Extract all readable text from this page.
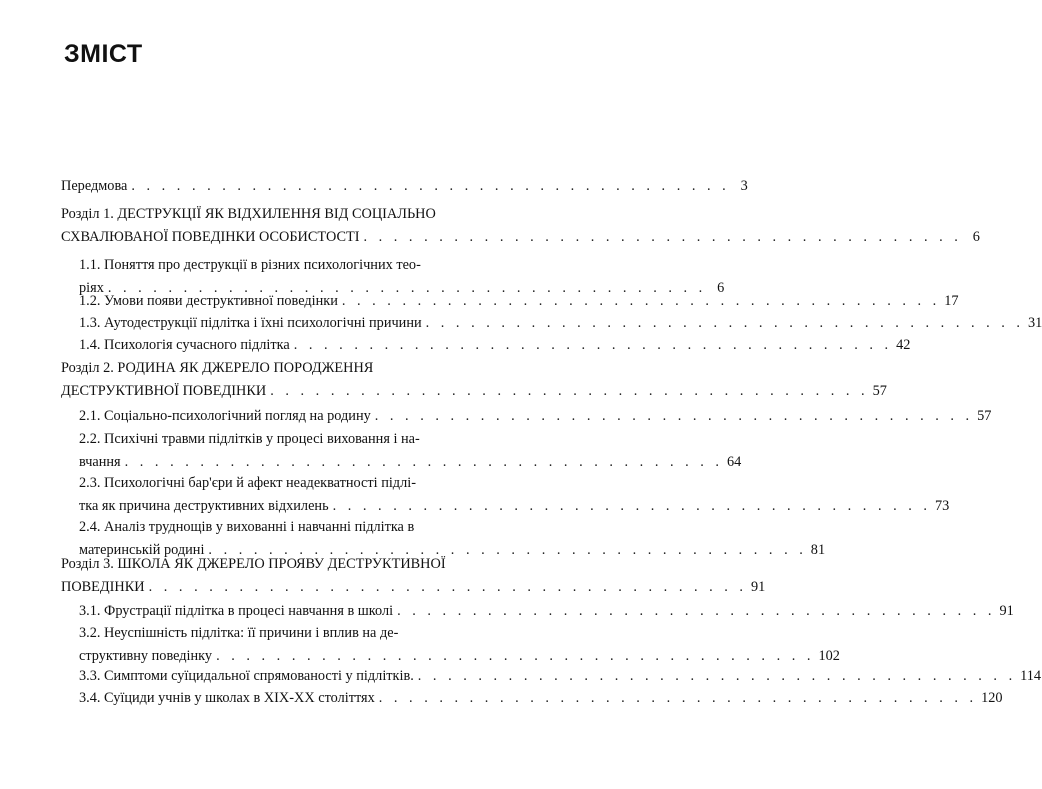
ЗМІСТ
Передмова . . . . . . . . . . . . . . . . . . . . . . . . . . . . . . . . . . . . . . . . 3
Розділ 1. ДЕСТРУКЦІЇ ЯК ВІДХИЛЕННЯ ВІД СОЦІАЛЬНО
СХВАЛЮВАНОЇ ПОВЕДІНКИ ОСОБИСТОСТІ . . . . . . . . . . . . . . . . . . . . . . . . . . . . . . . . . . . . . . . . 6
1.1. Поняття про деструкції в різних психологічних тео-
ріях . . . . . . . . . . . . . . . . . . . . . . . . . . . . . . . . . . . . . . . . 6
1.2. Умови появи деструктивної поведінки . . . . . . . . . . . . . . . . . . . . . . . . . . . . . . . . . . . . . . . . 17
1.3. Аутодеструкції підлітка і їхні психологічні причини . . . . . . . . . . . . . . . . . . . . . . . . . . . . . . . . . . . . . . . . 31
1.4. Психологія сучасного підлітка . . . . . . . . . . . . . . . . . . . . . . . . . . . . . . . . . . . . . . . . 42
Розділ 2. РОДИНА ЯК ДЖЕРЕЛО ПОРОДЖЕННЯ
ДЕСТРУКТИВНОЇ ПОВЕДІНКИ . . . . . . . . . . . . . . . . . . . . . . . . . . . . . . . . . . . . . . . . 57
2.1. Соціально-психологічний погляд на родину . . . . . . . . . . . . . . . . . . . . . . . . . . . . . . . . . . . . . . . . 57
2.2. Психічні травми підлітків у процесі виховання і на-
вчання . . . . . . . . . . . . . . . . . . . . . . . . . . . . . . . . . . . . . . . . 64
2.3. Психологічні бар'єри й афект неадекватності підлі-
тка як причина деструктивних відхилень . . . . . . . . . . . . . . . . . . . . . . . . . . . . . . . . . . . . . . . . 73
2.4. Аналіз труднощів у вихованні і навчанні підлітка в
материнській родині . . . . . . . . . . . . . . . . . . . . . . . . . . . . . . . . . . . . . . . . 81
Розділ 3. ШКОЛА ЯК ДЖЕРЕЛО ПРОЯВУ ДЕСТРУКТИВНОЇ
ПОВЕДІНКИ . . . . . . . . . . . . . . . . . . . . . . . . . . . . . . . . . . . . . . . . 91
3.1. Фрустрації підлітка в процесі навчання в школі . . . . . . . . . . . . . . . . . . . . . . . . . . . . . . . . . . . . . . . . 91
3.2. Неуспішність підлітка: її причини і вплив на де-
структивну поведінку . . . . . . . . . . . . . . . . . . . . . . . . . . . . . . . . . . . . . . . . 102
3.3. Симптоми суїцидальної спрямованості у підлітків. . . . . . . . . . . . . . . . . . . . . . . . . . . . . . . . . . . . . . . . . 114
3.4. Суїциди учнів у школах в ХІХ-ХХ століттях . . . . . . . . . . . . . . . . . . . . . . . . . . . . . . . . . . . . . . . . 120
